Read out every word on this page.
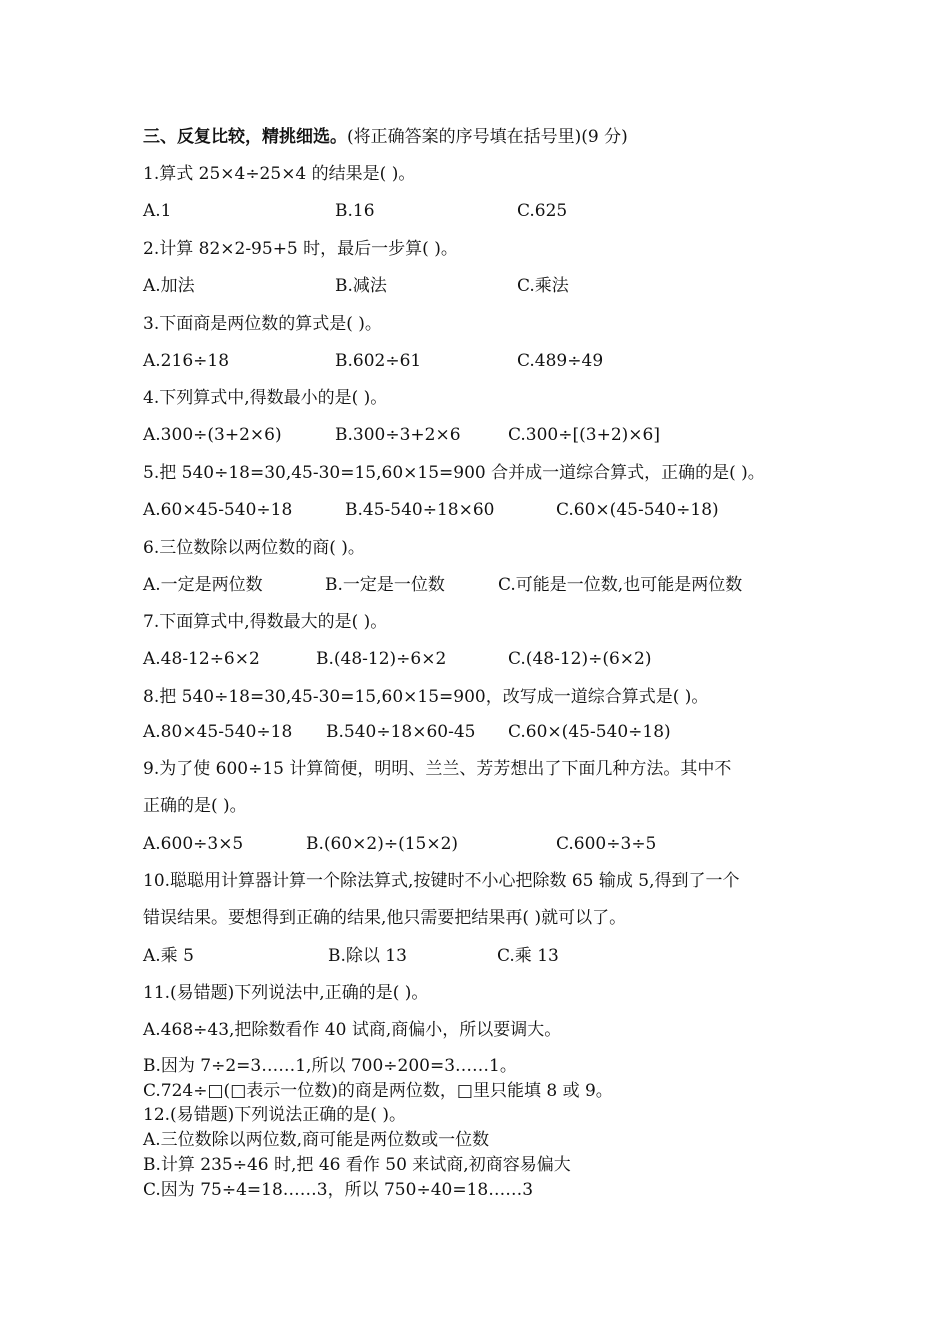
三、反复比较，精挑细选。(将正确答案的序号填在括号里)(9 分)
1.算式 25×4÷25×4 的结果是( )。
A.1	B.16	C.625
2.计算 82×2-95+5 时，最后一步算( )。
A.加法	B.减法	C.乘法
3.下面商是两位数的算式是( )。
A.216÷18	B.602÷61	C.489÷49
4.下列算式中,得数最小的是( )。
A.300÷(3+2×6)	B.300÷3+2×6	C.300÷[(3+2)×6]
5.把 540÷18=30,45-30=15,60×15=900 合并成一道综合算式，正确的是( )。
A.60×45-540÷18	B.45-540÷18×60	C.60×(45-540÷18)
6.三位数除以两位数的商( )。
A.一定是两位数	B.一定是一位数	C.可能是一位数,也可能是两位数
7.下面算式中,得数最大的是( )。
A.48-12÷6×2	B.(48-12)÷6×2	C.(48-12)÷(6×2)
8.把 540÷18=30,45-30=15,60×15=900，改写成一道综合算式是( )。
A.80×45-540÷18 B.540÷18×60-45 C.60×(45-540÷18)
9.为了使 600÷15 计算简便，明明、兰兰、芳芳想出了下面几种方法。其中不
正确的是( )。
A.600÷3×5	B.(60×2)÷(15×2)	C.600÷3÷5
10.聪聪用计算器计算一个除法算式,按键时不小心把除数 65 输成 5,得到了一个
错误结果。要想得到正确的结果,他只需要把结果再( )就可以了。
A.乘 5	B.除以 13	C.乘 13
11.(易错题)下列说法中,正确的是( )。
A.468÷43,把除数看作 40 试商,商偏小，所以要调大。
B.因为 7÷2=3……1,所以 700÷200=3……1。
C.724÷□(□表示一位数)的商是两位数，□里只能填 8 或 9。
12.(易错题)下列说法正确的是( )。
A.三位数除以两位数,商可能是两位数或一位数
B.计算 235÷46 时,把 46 看作 50 来试商,初商容易偏大
C.因为 75÷4=18……3，所以 750÷40=18……3
